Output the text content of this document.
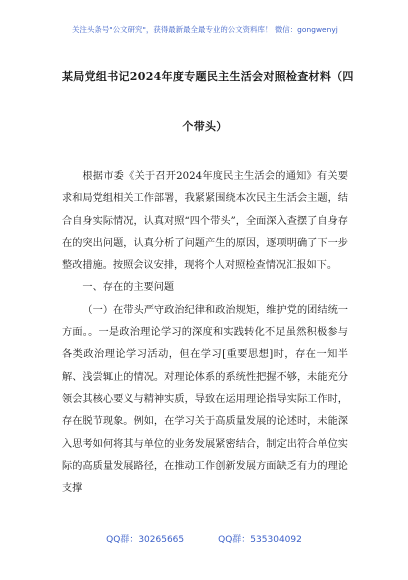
关注头条号"公文研究"，获得最新最全最专业的公文资料库！ 微信：gongwenyj
某局党组书记2024年度专题民主生活会对照检查材料（四
个带头）

根据市委《关于召开2024年度民主生活会的通知》有关要求和局党组相关工作部署，我紧紧围绕本次民主生活会主题，结合自身实际情况，认真对照“四个带头”，全面深入查摆了自身存在的突出问题，认真分析了问题产生的原因，逐项明确了下一步整改措施。按照会议安排，现将个人对照检查情况汇报如下。

一、存在的主要问题

（一）在带头严守政治纪律和政治规矩，维护党的团结统一方面。。一是政治理论学习的深度和实践转化不足虽然积极参与各类政治理论学习活动，但在学习[重要思想]时，存在一知半解、浅尝辄止的情况。对理论体系的系统性把握不够，未能充分领会其核心要义与精神实质，导致在运用理论指导实际工作时，存在脱节现象。例如，在学习关于高质量发展的论述时，未能深入思考如何将其与单位的业务发展紧密结合，制定出符合单位实际的高质量发展路径，在推动工作创新发展方面缺乏有力的理论支撑

QQ群：30265665	QQ群：535304092
